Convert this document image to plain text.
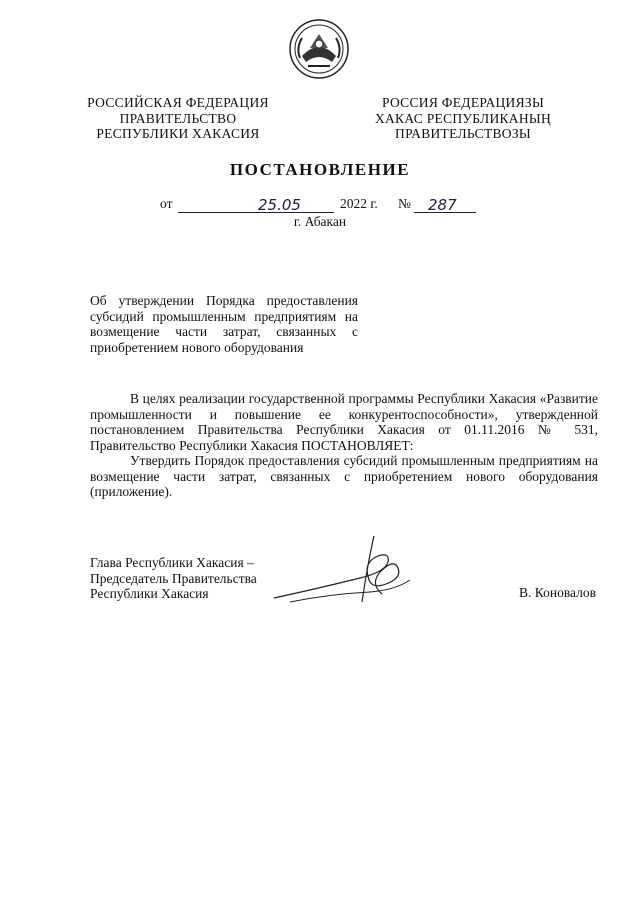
РОССИЙСКАЯ ФЕДЕРАЦИЯ
ПРАВИТЕЛЬСТВО
РЕСПУБЛИКИ ХАКАСИЯ
РОССИЯ ФЕДЕРАЦИЯЗЫ
ХАКАС РЕСПУБЛИКАНЫҢ
ПРАВИТЕЛЬСТВОЗЫ
ПОСТАНОВЛЕНИЕ
от	25.05	2022 г. № 287
г. Абакан
Об утверждении Порядка предоставления субсидий промышленным предприятиям на возмещение части затрат, связанных с приобретением нового оборудования

В целях реализации государственной программы Республики Хакасия «Развитие промышленности и повышение ее конкурентоспособности», утвержденной постановлением Правительства Республики Хакасия от 01.11.2016 № 531, Правительство Республики Хакасия ПОСТАНОВЛЯЕТ:

Утвердить Порядок предоставления субсидий промышленным предприятиям на возмещение части затрат, связанных с приобретением нового оборудования (приложение).

Глава Республики Хакасия –
Председатель Правительства
Республики Хакасия	В. Коновалов
